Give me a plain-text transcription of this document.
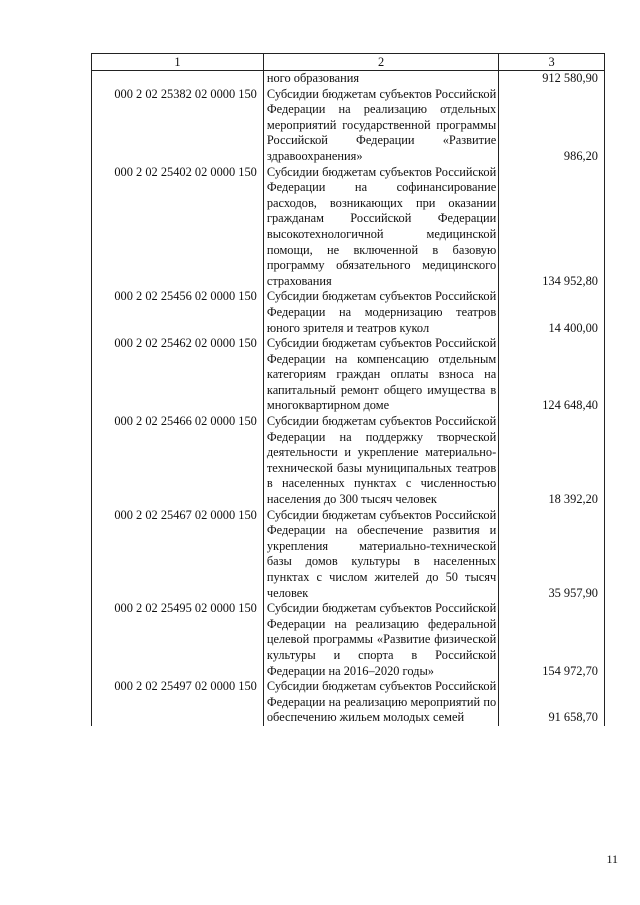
1	2	3
	ного образования	912 580,90
000 2 02 25382 02 0000 150	Субсидии бюджетам субъектов Российской Федерации на реализацию отдельных мероприятий государственной программы Российской Федерации «Развитие здравоохранения»	986,20
000 2 02 25402 02 0000 150	Субсидии бюджетам субъектов Российской Федерации на софинансирование расходов, возникающих при оказании гражданам Российской Федерации высокотехнологичной медицинской помощи, не включенной в базовую программу обязательного медицинского страхования	134 952,80
000 2 02 25456 02 0000 150	Субсидии бюджетам субъектов Российской Федерации на модернизацию театров юного зрителя и театров кукол	14 400,00
000 2 02 25462 02 0000 150	Субсидии бюджетам субъектов Российской Федерации на компенсацию отдельным категориям граждан оплаты взноса на капитальный ремонт общего имущества в многоквартирном доме	124 648,40
000 2 02 25466 02 0000 150	Субсидии бюджетам субъектов Российской Федерации на поддержку творческой деятельности и укрепление материально-технической базы муниципальных театров в населенных пунктах с численностью населения до 300 тысяч человек	18 392,20
000 2 02 25467 02 0000 150	Субсидии бюджетам субъектов Российской Федерации на обеспечение развития и укрепления материально-технической базы домов культуры в населенных пунктах с числом жителей до 50 тысяч человек	35 957,90
000 2 02 25495 02 0000 150	Субсидии бюджетам субъектов Российской Федерации на реализацию федеральной целевой программы «Развитие физической культуры и спорта в Российской Федерации на 2016–2020 годы»	154 972,70
000 2 02 25497 02 0000 150	Субсидии бюджетам субъектов Российской Федерации на реализацию мероприятий по обеспечению жильем молодых семей	91 658,70
11
